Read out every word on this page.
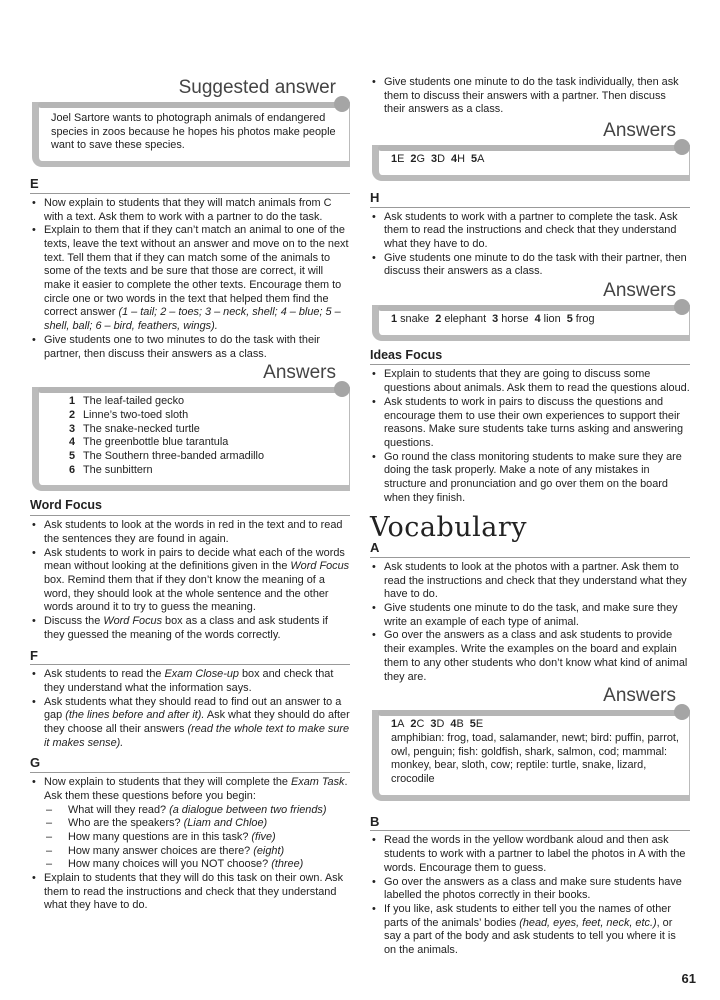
Suggested answer
Joel Sartore wants to photograph animals of endangered species in zoos because he hopes his photos make people want to save these species.
E
• Now explain to students that they will match animals from C with a text. Ask them to work with a partner to do the task.
• Explain to them that if they can’t match an animal to one of the texts, leave the text without an answer and move on to the next text. Tell them that if they can match some of the animals to some of the texts and be sure that those are correct, it will make it easier to complete the other texts. Encourage them to circle one or two words in the text that helped them find the correct answer (1 – tail; 2 – toes; 3 – neck, shell; 4 – blue; 5 – shell, ball; 6 – bird, feathers, wings).
• Give students one to two minutes to do the task with their partner, then discuss their answers as a class.
Answers
1 The leaf-tailed gecko
2 Linne’s two-toed sloth
3 The snake-necked turtle
4 The greenbottle blue tarantula
5 The Southern three-banded armadillo
6 The sunbittern
Word Focus
• Ask students to look at the words in red in the text and to read the sentences they are found in again.
• Ask students to work in pairs to decide what each of the words mean without looking at the definitions given in the Word Focus box. Remind them that if they don’t know the meaning of a word, they should look at the whole sentence and the other words around it to try to guess the meaning.
• Discuss the Word Focus box as a class and ask students if they guessed the meaning of the words correctly.
F
• Ask students to read the Exam Close-up box and check that they understand what the information says.
• Ask students what they should read to find out an answer to a gap (the lines before and after it). Ask what they should do after they choose all their answers (read the whole text to make sure it makes sense).
G
• Now explain to students that they will complete the Exam Task. Ask them these questions before you begin:
– What will they read? (a dialogue between two friends)
– Who are the speakers? (Liam and Chloe)
– How many questions are in this task? (five)
– How many answer choices are there? (eight)
– How many choices will you NOT choose? (three)
• Explain to students that they will do this task on their own. Ask them to read the instructions and check that they understand what they have to do.
• Give students one minute to do the task individually, then ask them to discuss their answers with a partner. Then discuss their answers as a class.
Answers
1E 2G 3D 4H 5A
H
• Ask students to work with a partner to complete the task. Ask them to read the instructions and check that they understand what they have to do.
• Give students one minute to do the task with their partner, then discuss their answers as a class.
Answers
1 snake 2 elephant 3 horse 4 lion 5 frog
Ideas Focus
• Explain to students that they are going to discuss some questions about animals. Ask them to read the questions aloud.
• Ask students to work in pairs to discuss the questions and encourage them to use their own experiences to support their reasons. Make sure students take turns asking and answering questions.
• Go round the class monitoring students to make sure they are doing the task properly. Make a note of any mistakes in structure and pronunciation and go over them on the board when they finish.
Vocabulary
A
• Ask students to look at the photos with a partner. Ask them to read the instructions and check that they understand what they have to do.
• Give students one minute to do the task, and make sure they write an example of each type of animal.
• Go over the answers as a class and ask students to provide their examples. Write the examples on the board and explain them to any other students who don’t know what kind of animal they are.
Answers
1A 2C 3D 4B 5E
amphibian: frog, toad, salamander, newt; bird: puffin, parrot, owl, penguin; fish: goldfish, shark, salmon, cod; mammal: monkey, bear, sloth, cow; reptile: turtle, snake, lizard, crocodile
B
• Read the words in the yellow wordbank aloud and then ask students to work with a partner to label the photos in A with the words. Encourage them to guess.
• Go over the answers as a class and make sure students have labelled the photos correctly in their books.
• If you like, ask students to either tell you the names of other parts of the animals’ bodies (head, eyes, feet, neck, etc.), or say a part of the body and ask students to tell you where it is on the animals.
61
